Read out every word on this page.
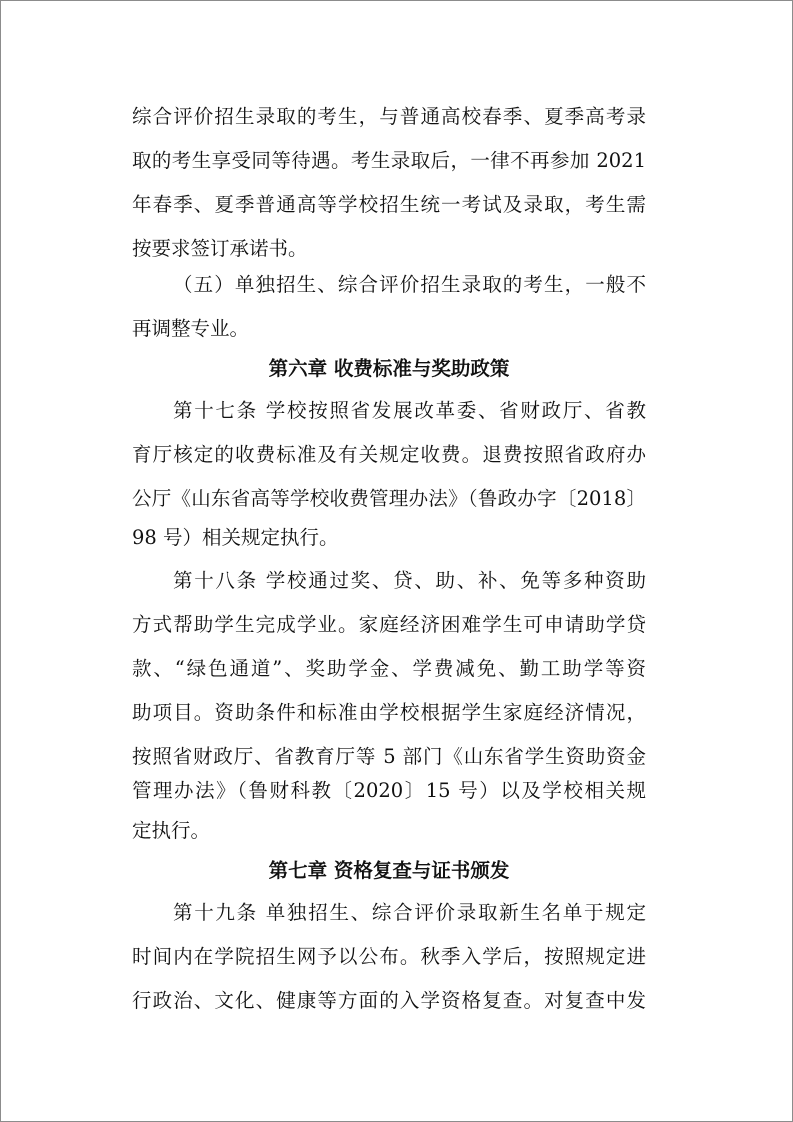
综合评价招生录取的考生，与普通高校春季、夏季高考录
取的考生享受同等待遇。考生录取后，一律不再参加 2021
年春季、夏季普通高等学校招生统一考试及录取，考生需
按要求签订承诺书。
（五）单独招生、综合评价招生录取的考生，一般不
再调整专业。
第六章 收费标准与奖助政策
第十七条 学校按照省发展改革委、省财政厅、省教
育厅核定的收费标准及有关规定收费。退费按照省政府办
公厅《山东省高等学校收费管理办法》（鲁政办字〔2018〕
98 号）相关规定执行。
第十八条 学校通过奖、贷、助、补、免等多种资助
方式帮助学生完成学业。家庭经济困难学生可申请助学贷
款、“绿色通道”、奖助学金、学费减免、勤工助学等资
助项目。资助条件和标准由学校根据学生家庭经济情况，
按照省财政厅、省教育厅等 5 部门《山东省学生资助资金
管理办法》（鲁财科教〔2020〕15 号）以及学校相关规
定执行。
第七章 资格复查与证书颁发
第十九条 单独招生、综合评价录取新生名单于规定
时间内在学院招生网予以公布。秋季入学后，按照规定进
行政治、文化、健康等方面的入学资格复查。对复查中发
